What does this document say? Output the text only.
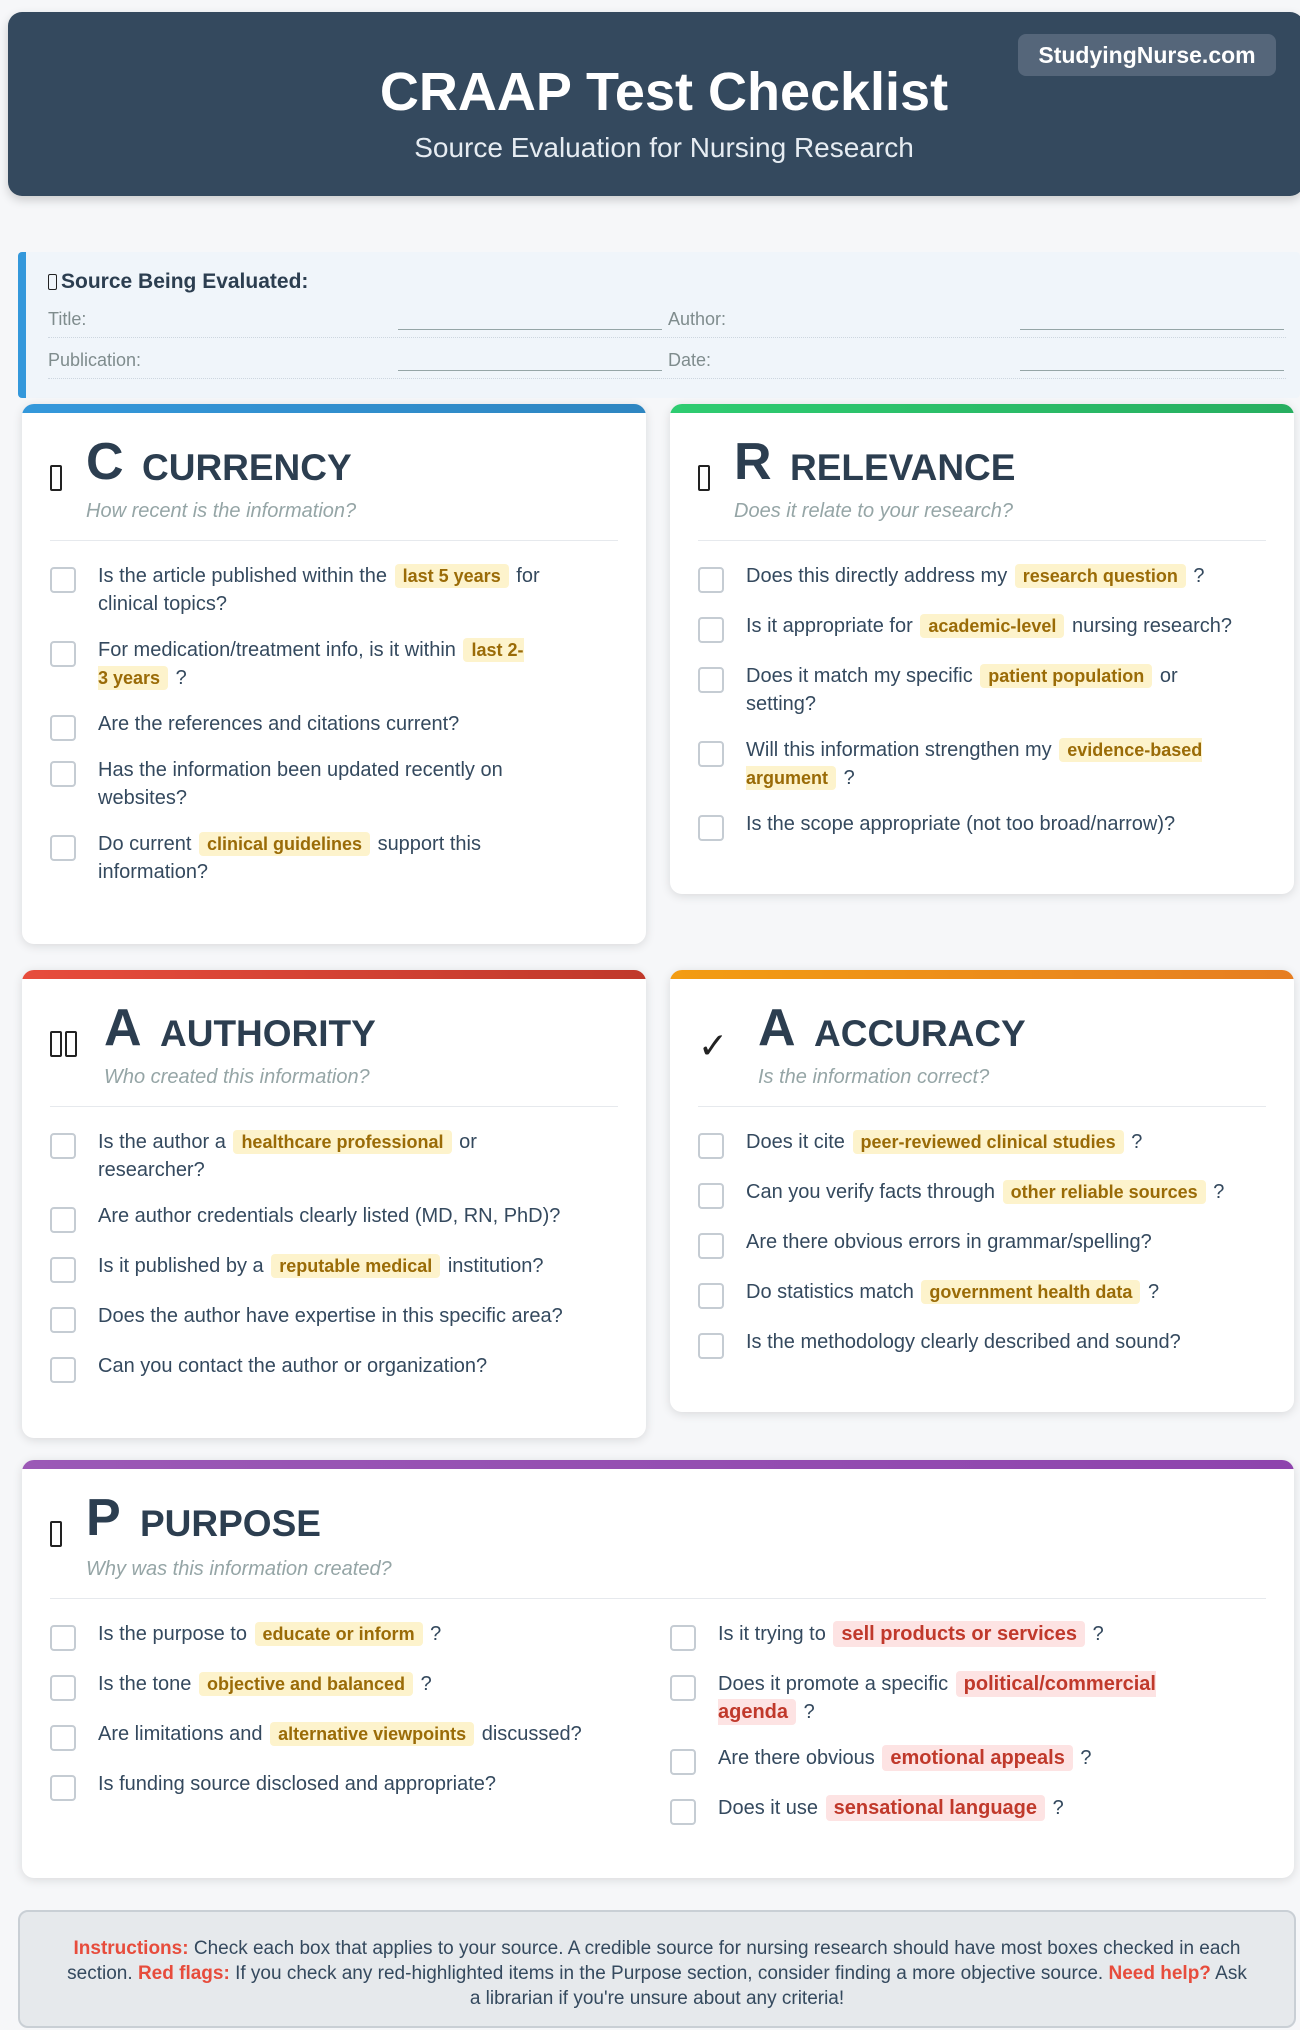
StudyingNurse.com
CRAAP Test Checklist
Source Evaluation for Nursing Research
Source Being Evaluated:
Title:	Author:
Publication:	Date:
C CURRENCY
How recent is the information?
Is the article published within the last 5 years for clinical topics?
For medication/treatment info, is it within last 2-3 years ?
Are the references and citations current?
Has the information been updated recently on websites?
Do current clinical guidelines support this information?
R RELEVANCE
Does it relate to your research?
Does this directly address my research question ?
Is it appropriate for academic-level nursing research?
Does it match my specific patient population or setting?
Will this information strengthen my evidence-based argument ?
Is the scope appropriate (not too broad/narrow)?
A AUTHORITY
Who created this information?
Is the author a healthcare professional or researcher?
Are author credentials clearly listed (MD, RN, PhD)?
Is it published by a reputable medical institution?
Does the author have expertise in this specific area?
Can you contact the author or organization?
✓ A ACCURACY
Is the information correct?
Does it cite peer-reviewed clinical studies ?
Can you verify facts through other reliable sources ?
Are there obvious errors in grammar/spelling?
Do statistics match government health data ?
Is the methodology clearly described and sound?
P PURPOSE
Why was this information created?
Is the purpose to educate or inform ?
Is the tone objective and balanced ?
Are limitations and alternative viewpoints discussed?
Is funding source disclosed and appropriate?
Is it trying to sell products or services ?
Does it promote a specific political/commercial agenda ?
Are there obvious emotional appeals ?
Does it use sensational language ?
Instructions: Check each box that applies to your source. A credible source for nursing research should have most boxes checked in each section. Red flags: If you check any red-highlighted items in the Purpose section, consider finding a more objective source. Need help? Ask a librarian if you're unsure about any criteria!
